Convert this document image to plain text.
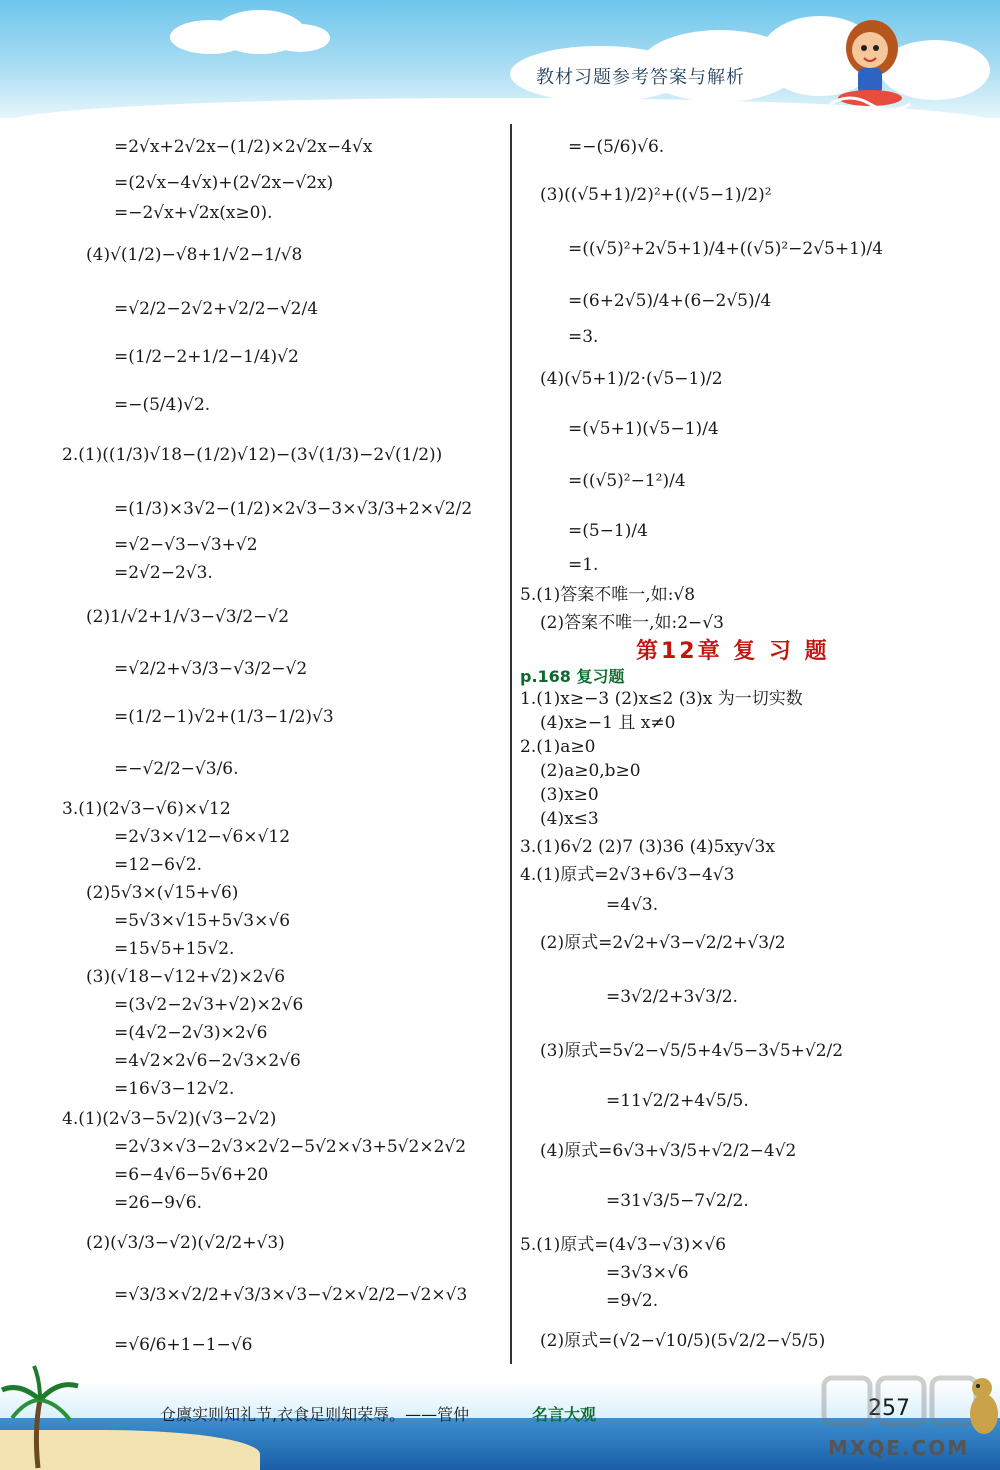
教材习题参考答案与解析
=2√x+2√2x−(1/2)×2√2x−4√x
=(2√x−4√x)+(2√2x−√2x)
=−2√x+√2x(x≥0).
(4)√(1/2)−√8+1/√2−1/√8
=√2/2−2√2+√2/2−√2/4
=(1/2−2+1/2−1/4)√2
=−(5/4)√2.
2.(1)((1/3)√18−(1/2)√12)−(3√(1/3)−2√(1/2))
=(1/3)×3√2−(1/2)×2√3−3×√3/3+2×√2/2
=√2−√3−√3+√2
=2√2−2√3.
(2)1/√2+1/√3−√3/2−√2
=√2/2+√3/3−√3/2−√2
=(1/2−1)√2+(1/3−1/2)√3
=−√2/2−√3/6.
3.(1)(2√3−√6)×√12
=2√3×√12−√6×√12
=12−6√2.
(2)5√3×(√15+√6)
=5√3×√15+5√3×√6
=15√5+15√2.
(3)(√18−√12+√2)×2√6
=(3√2−2√3+√2)×2√6
=(4√2−2√3)×2√6
=4√2×2√6−2√3×2√6
=16√3−12√2.
4.(1)(2√3−5√2)(√3−2√2)
=2√3×√3−2√3×2√2−5√2×√3+5√2×2√2
=6−4√6−5√6+20
=26−9√6.
(2)(√3/3−√2)(√2/2+√3)
=√3/3×√2/2+√3/3×√3−√2×√2/2−√2×√3
=√6/6+1−1−√6
=−(5/6)√6.
(3)((√5+1)/2)²+((√5−1)/2)²
=((√5)²+2√5+1)/4+((√5)²−2√5+1)/4
=(6+2√5)/4+(6−2√5)/4
=3.
(4)(√5+1)/2·(√5−1)/2
=(√5+1)(√5−1)/4
=((√5)²−1²)/4
=(5−1)/4
=1.
5.(1)答案不唯一,如:√8
(2)答案不唯一,如:2−√3
第12章 复 习 题
p.168 复习题
1.(1)x≥−3 (2)x≤2 (3)x 为一切实数
(4)x≥−1 且 x≠0
2.(1)a≥0
(2)a≥0,b≥0
(3)x≥0
(4)x≤3
3.(1)6√2 (2)7 (3)36 (4)5xy√3x
4.(1)原式=2√3+6√3−4√3
=4√3.
(2)原式=2√2+√3−√2/2+√3/2
=3√2/2+3√3/2.
(3)原式=5√2−√5/5+4√5−3√5+√2/2
=11√2/2+4√5/5.
(4)原式=6√3+√3/5+√2/2−4√2
=31√3/5−7√2/2.
5.(1)原式=(4√3−√3)×√6
=3√3×√6
=9√2.
(2)原式=(√2−√10/5)(5√2/2−√5/5)
仓廪实则知礼节,衣食足则知荣辱。——管仲	名言大观	257
MXQE.COM
